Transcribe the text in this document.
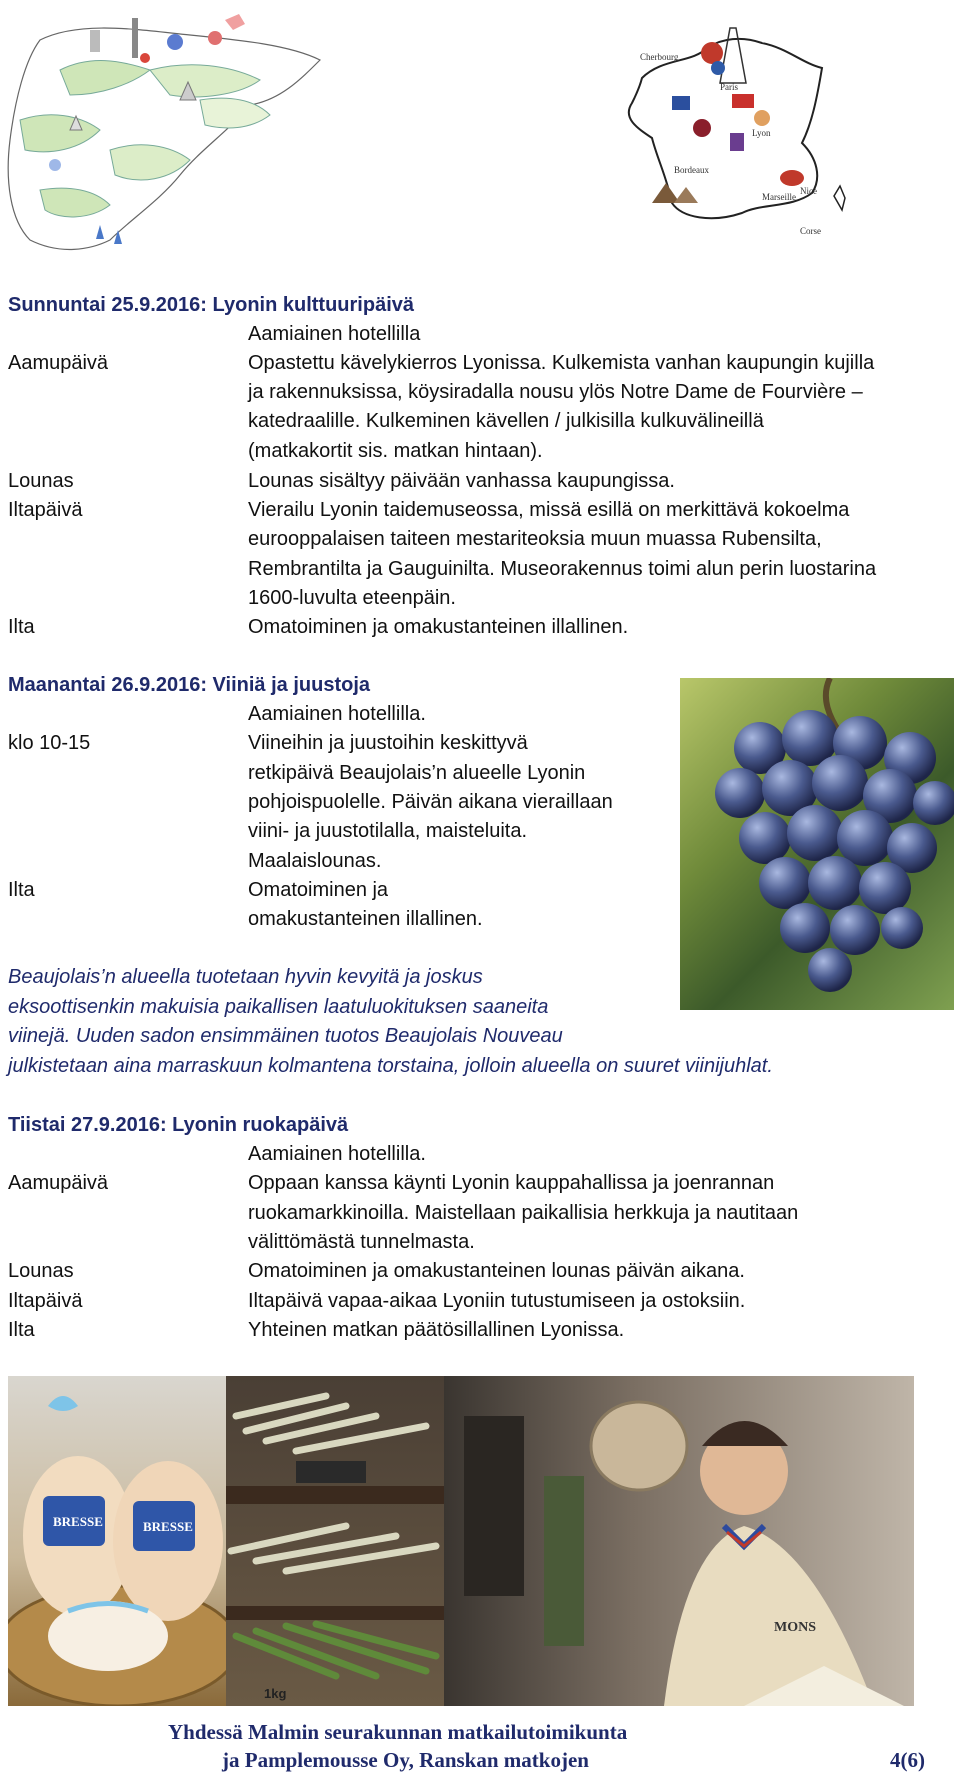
Cherbourg
Paris
Lyon
Bordeaux
Nice
Marseille
Corse
Sunnuntai 25.9.2016: Lyonin kulttuuripäivä
Aamiainen hotellilla
Aamupäivä	Opastettu kävelykierros Lyonissa. Kulkemista vanhan kaupungin kujilla
ja rakennuksissa, köysiradalla nousu ylös Notre Dame de Fourvière –
katedraalille. Kulkeminen kävellen / julkisilla kulkuvälineillä
(matkakortit sis. matkan hintaan).
Lounas	Lounas sisältyy päivään vanhassa kaupungissa.
Iltapäivä	Vierailu Lyonin taidemuseossa, missä esillä on merkittävä kokoelma
eurooppalaisen taiteen mestariteoksia muun muassa Rubensilta,
Rembrantilta ja Gauguinilta. Museorakennus toimi alun perin luostarina
1600-luvulta eteenpäin.
Ilta	Omatoiminen ja omakustanteinen illallinen.
Maanantai 26.9.2016: Viiniä ja juustoja
Aamiainen hotellilla.
klo 10-15	Viineihin ja juustoihin keskittyvä
retkipäivä Beaujolais’n alueelle Lyonin
pohjoispuolelle. Päivän aikana vieraillaan
viini- ja juustotilalla, maisteluita.
Maalaislounas.
Ilta	Omatoiminen ja
omakustanteinen illallinen.
Beaujolais’n alueella tuotetaan hyvin kevyitä ja joskus
eksoottisenkin makuisia paikallisen laatuluokituksen saaneita
viinejä. Uuden sadon ensimmäinen tuotos Beaujolais Nouveau
julkistetaan aina marraskuun kolmantena torstaina, jolloin alueella on suuret viinijuhlat.
Tiistai 27.9.2016: Lyonin ruokapäivä
Aamiainen hotellilla.
Aamupäivä	Oppaan kanssa käynti Lyonin kauppahallissa ja joenrannan
ruokamarkkinoilla. Maistellaan paikallisia herkkuja ja nautitaan
välittömästä tunnelmasta.
Lounas	Omatoiminen ja omakustanteinen lounas päivän aikana.
Iltapäivä	Iltapäivä vapaa-aikaa Lyoniin tutustumiseen ja ostoksiin.
Ilta	Yhteinen matkan päätösillallinen Lyonissa.
BRESSE	BRESSE
1kg
MONS
Yhdessä Malmin seurakunnan matkailutoimikunta
ja Pamplemousse Oy, Ranskan matkojen	4(6)
